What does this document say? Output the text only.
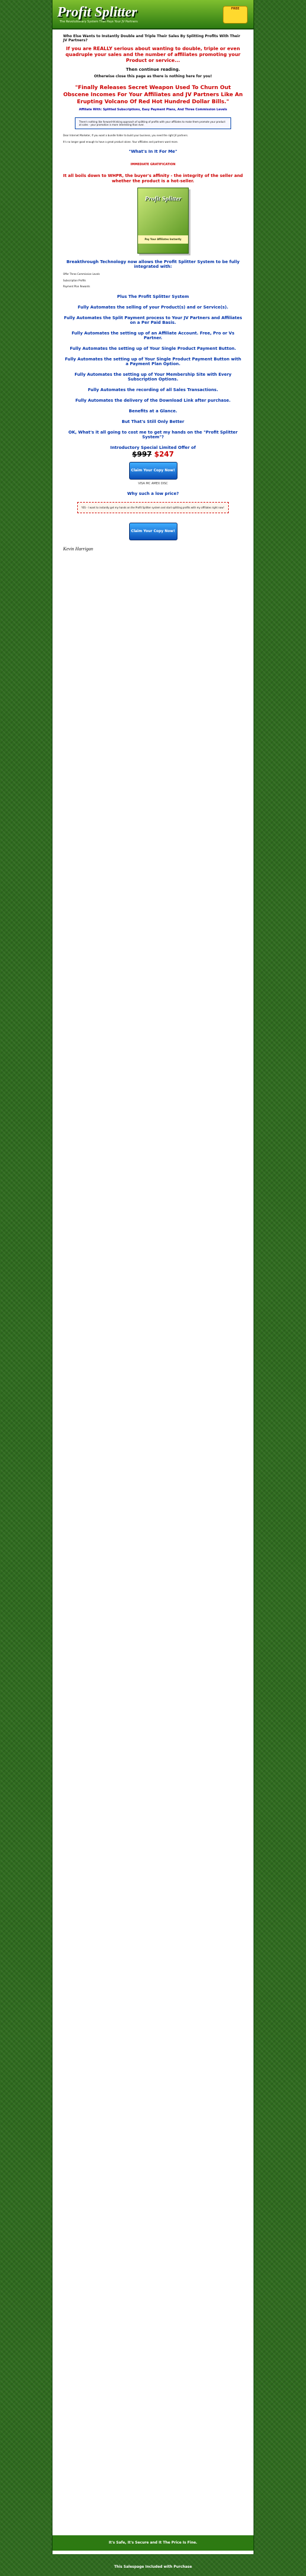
Profit Splitter
The Revolutionary System That Pays Your JV Partners
FREE
Who Else Wants to Instantly Double and Triple Their Sales By Splitting Profits With Their JV Partners?
If you are REALLY serious about wanting to double, triple or even quadruple your sales and the number of affiliates promoting your Product or service...
Then continue reading.
Otherwise close this page as there is nothing here for you!
"Finally Releases Secret Weapon Used To Churn Out Obscene Incomes For Your Affiliates and JV Partners Like An Erupting Volcano Of Red Hot Hundred Dollar Bills."
Affiliate With: Splitted Subscriptions, Easy Payment Plans, And Three Commission Levels
There's nothing like forward-thinking approach of splitting of profits with your affiliates to make them promote your product at sales - your promotion is more interesting than ever.

Dear Internet Marketer, If you want a bundle folder to build your business, you need the right JV partners.

It's no longer good enough to have a great product alone. Your affiliates and partners want more.

"What's In It For Me"

IMMEDIATE GRATIFICATION
It all boils down to WHPR, the buyer's affinity - the integrity of the seller and whether the product is a hot-seller.
Profit Splitter
Pay Your Affiliates Instantly
Breakthrough Technology now allows the Profit Splitter System to be fully integrated with:

Offer Three Commission Levels

Subscription Profits

Payment Plan Rewards

Plus The Profit Splitter System
Fully Automates the selling of your Product(s) and or Service(s).
Fully Automates the Split Payment process to Your JV Partners and Affiliates on a Per Paid Basis.
Fully Automates the setting up of an Affiliate Account. Free, Pro or Vs Partner.
Fully Automates the setting up of Your Single Product Payment Button.
Fully Automates the setting up of Your Single Product Payment Button with a Payment Plan Option.
Fully Automates the setting up of Your Membership Site with Every Subscription Options.
Fully Automates the recording of all Sales Transactions.
Fully Automates the delivery of the Download Link after purchase.
Benefits at a Glance.
But That's Still Only Better
OK, What's it all going to cost me to get my hands on the "Profit Splitter System"?
Introductory Special Limited Offer of
$997 $247
Claim Your Copy Now!
VISA MC AMEX DISC
Why such a low price?
YES - I want to instantly get my hands on the Profit Splitter system and start splitting profits with my affiliates right now!
Claim Your Copy Now!
Kevin Harrigan
It's Safe, It's Secure and It The Price Is Fine.
This Salespage Included with Purchase
